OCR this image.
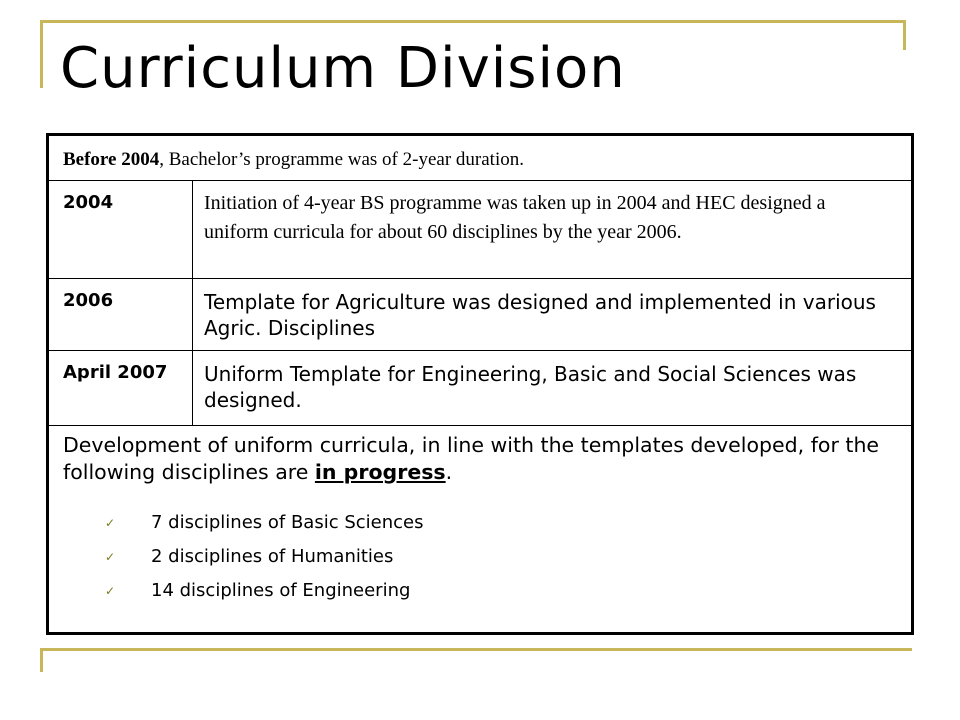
Curriculum Division
Before 2004, Bachelor’s programme was of 2-year duration.
2004	Initiation of 4-year BS programme was taken up in 2004 and HEC designed a uniform curricula for about 60 disciplines by the year 2006.
2006	Template for Agriculture was designed and implemented in various Agric. Disciplines
April 2007 Uniform Template for Engineering, Basic and Social Sciences was designed.
Development of uniform curricula, in line with the templates developed, for the following disciplines are in progress.
✓	7 disciplines of Basic Sciences
✓	2 disciplines of Humanities
✓	14 disciplines of Engineering
